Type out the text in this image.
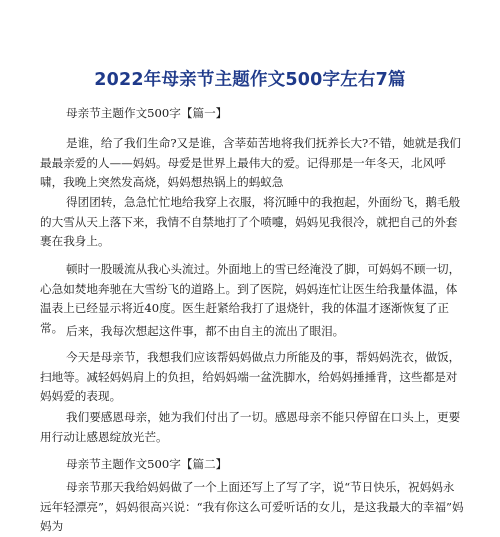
2022年母亲节主题作文500字左右7篇

母亲节主题作文500字【篇一】

是谁，给了我们生命?又是谁，含莘茹苦地将我们抚养长大?不错，她就是我们最最亲爱的人——妈妈。母爱是世界上最伟大的爱。记得那是一年冬天，北风呼啸，我晚上突然发高烧，妈妈想热锅上的蚂蚁急

得团团转，急急忙忙地给我穿上衣服，将沉睡中的我抱起，外面纷飞，鹅毛般的大雪从天上落下来，我情不自禁地打了个喷嚏，妈妈见我很冷，就把自己的外套裹在我身上。

顿时一股暖流从我心头流过。外面地上的雪已经淹没了脚，可妈妈不顾一切，心急如焚地奔驰在大雪纷飞的道路上。到了医院，妈妈连忙让医生给我量体温，体温表上已经显示将近40度。医生赶紧给我打了退烧针，我的体温才逐渐恢复了正常。 后来，我每次想起这件事，都不由自主的流出了眼泪。

今天是母亲节，我想我们应该帮妈妈做点力所能及的事，帮妈妈洗衣，做饭，扫地等。减轻妈妈肩上的负担，给妈妈端一盆洗脚水，给妈妈捶捶背，这些都是对妈妈爱的表现。

我们要感恩母亲，她为我们付出了一切。感恩母亲不能只停留在口头上，更要用行动让感恩绽放光芒。

母亲节主题作文500字【篇二】

母亲节那天我给妈妈做了一个上面还写上了写了字，说“节日快乐，祝妈妈永远年轻漂亮”，妈妈很高兴说：“我有你这么可爱听话的女儿，是这我最大的幸福”妈妈为
